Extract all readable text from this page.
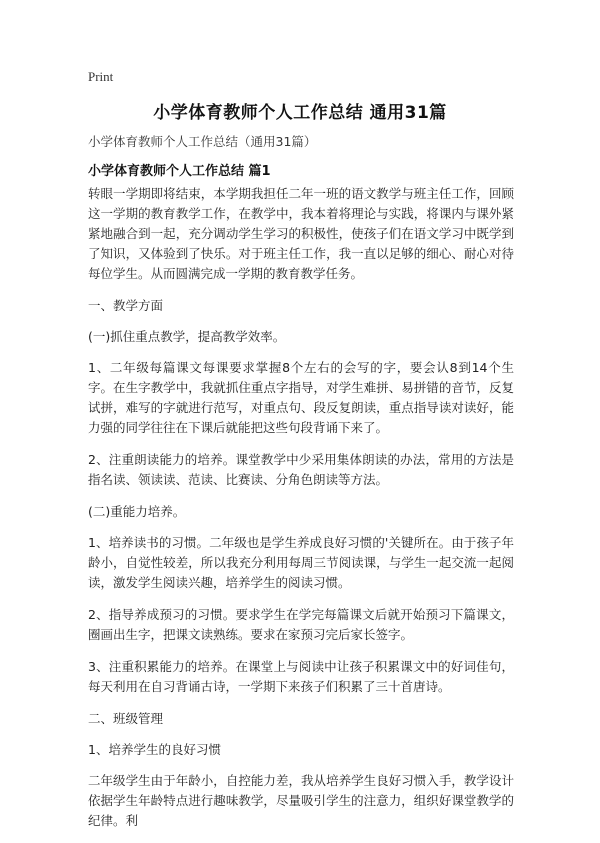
Print
小学体育教师个人工作总结 通用31篇
小学体育教师个人工作总结（通用31篇）
小学体育教师个人工作总结 篇1

转眼一学期即将结束，本学期我担任二年一班的语文教学与班主任工作，回顾这一学期的教育教学工作，在教学中，我本着将理论与实践，将课内与课外紧紧地融合到一起，充分调动学生学习的积极性，使孩子们在语文学习中既学到了知识，又体验到了快乐。对于班主任工作，我一直以足够的细心、耐心对待每位学生。从而圆满完成一学期的教育教学任务。

一、教学方面

(一)抓住重点教学，提高教学效率。

1、二年级每篇课文每课要求掌握8个左右的会写的字，要会认8到14个生字。在生字教学中，我就抓住重点字指导，对学生难拼、易拼错的音节，反复试拼，难写的字就进行范写，对重点句、段反复朗读，重点指导读对读好，能力强的同学往往在下课后就能把这些句段背诵下来了。

2、注重朗读能力的培养。课堂教学中少采用集体朗读的办法，常用的方法是指名读、领读读、范读、比赛读、分角色朗读等方法。

(二)重能力培养。

1、培养读书的习惯。二年级也是学生养成良好习惯的'关键所在。由于孩子年龄小，自觉性较差，所以我充分利用每周三节阅读课，与学生一起交流一起阅读，激发学生阅读兴趣，培养学生的阅读习惯。

2、指导养成预习的习惯。要求学生在学完每篇课文后就开始预习下篇课文，圈画出生字，把课文读熟练。要求在家预习完后家长签字。

3、注重积累能力的培养。在课堂上与阅读中让孩子积累课文中的好词佳句，每天利用在自习背诵古诗，一学期下来孩子们积累了三十首唐诗。

二、班级管理

1、培养学生的良好习惯

二年级学生由于年龄小，自控能力差，我从培养学生良好习惯入手，教学设计依据学生年龄特点进行趣味教学，尽量吸引学生的注意力，组织好课堂教学的纪律。利
